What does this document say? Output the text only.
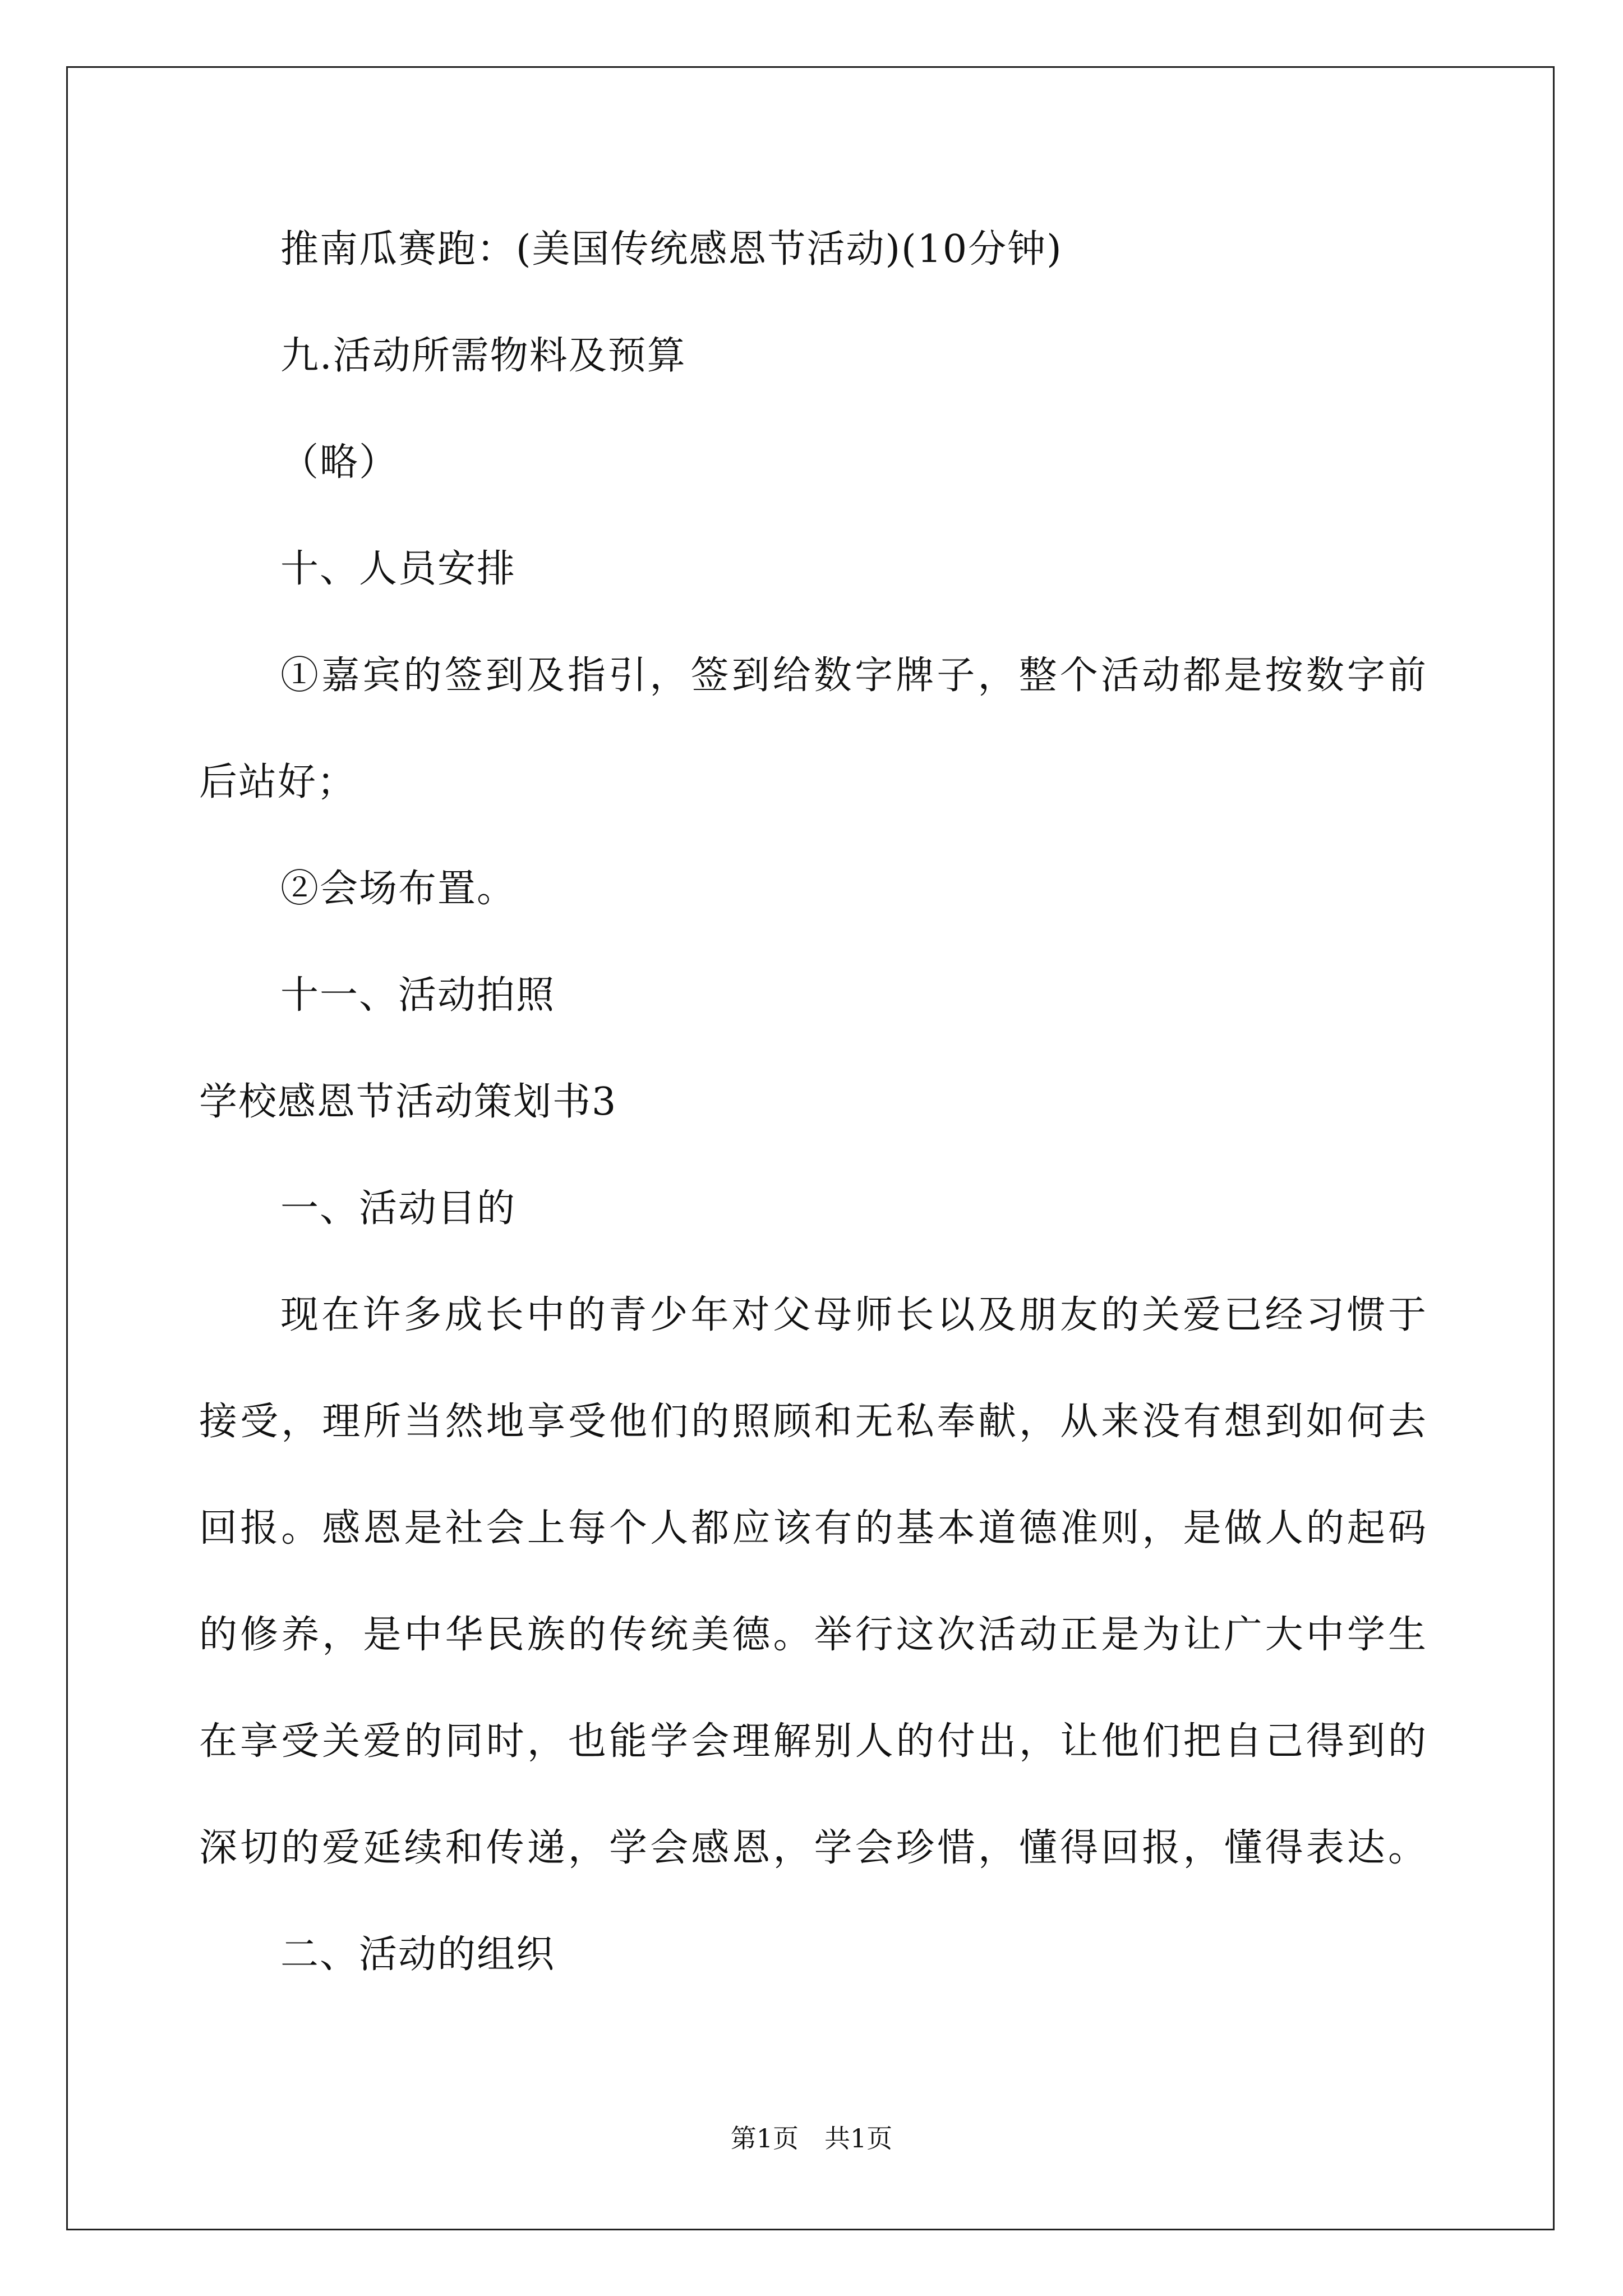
推南瓜赛跑：(美国传统感恩节活动)(10分钟)
九.活动所需物料及预算
（略）
十、人员安排
①嘉宾的签到及指引，签到给数字牌子，整个活动都是按数字前
后站好；
②会场布置。
十一、活动拍照
学校感恩节活动策划书3
一、活动目的
现在许多成长中的青少年对父母师长以及朋友的关爱已经习惯于
接受，理所当然地享受他们的照顾和无私奉献，从来没有想到如何去
回报。感恩是社会上每个人都应该有的基本道德准则，是做人的起码
的修养，是中华民族的传统美德。举行这次活动正是为让广大中学生
在享受关爱的同时，也能学会理解别人的付出，让他们把自己得到的
深切的爱延续和传递，学会感恩，学会珍惜，懂得回报，懂得表达。
二、活动的组织
第1页　共1页
